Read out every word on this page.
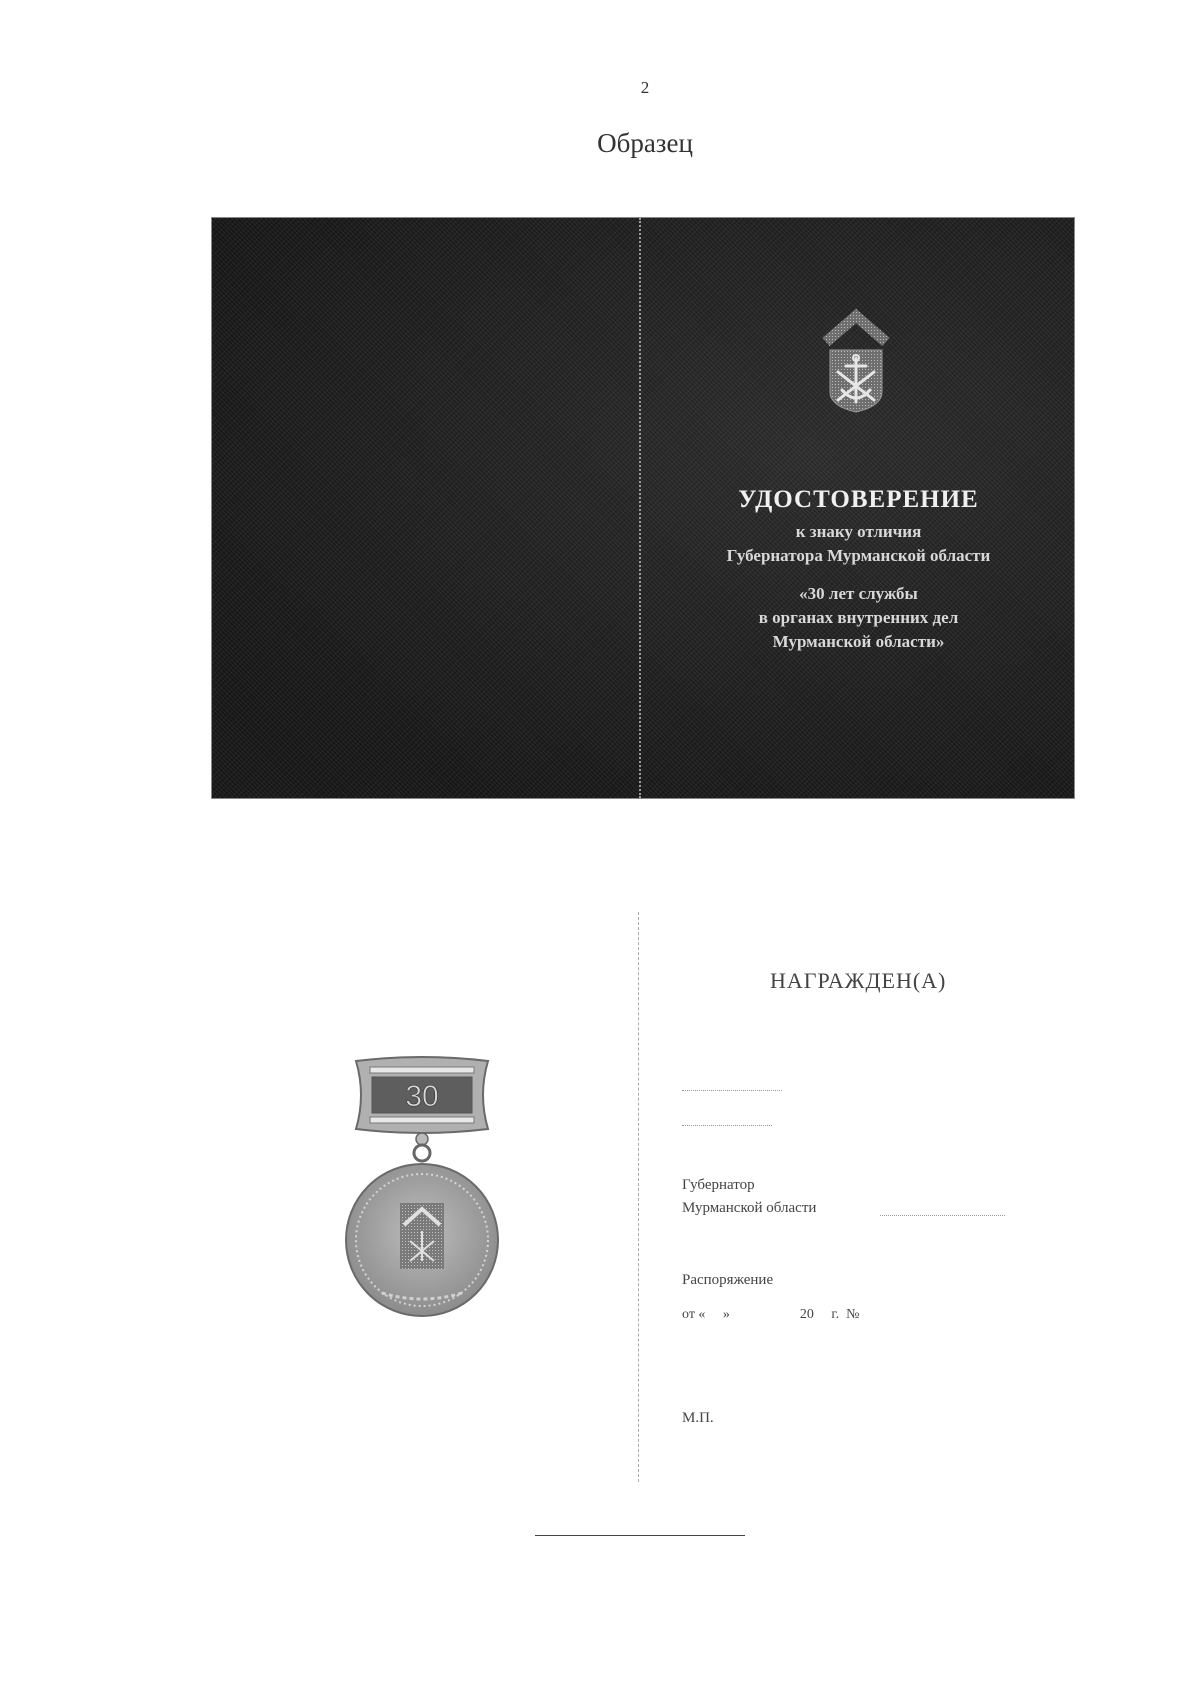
2
Образец
УДОСТОВЕРЕНИЕ
к знаку отличия
Губернатора Мурманской области
«30 лет службы
в органах внутренних дел
Мурманской области»
30
НАГРАЖДЕН(А)
Губернатор
Мурманской области
Распоряжение
от «     »                    20     г.  №
М.П.
